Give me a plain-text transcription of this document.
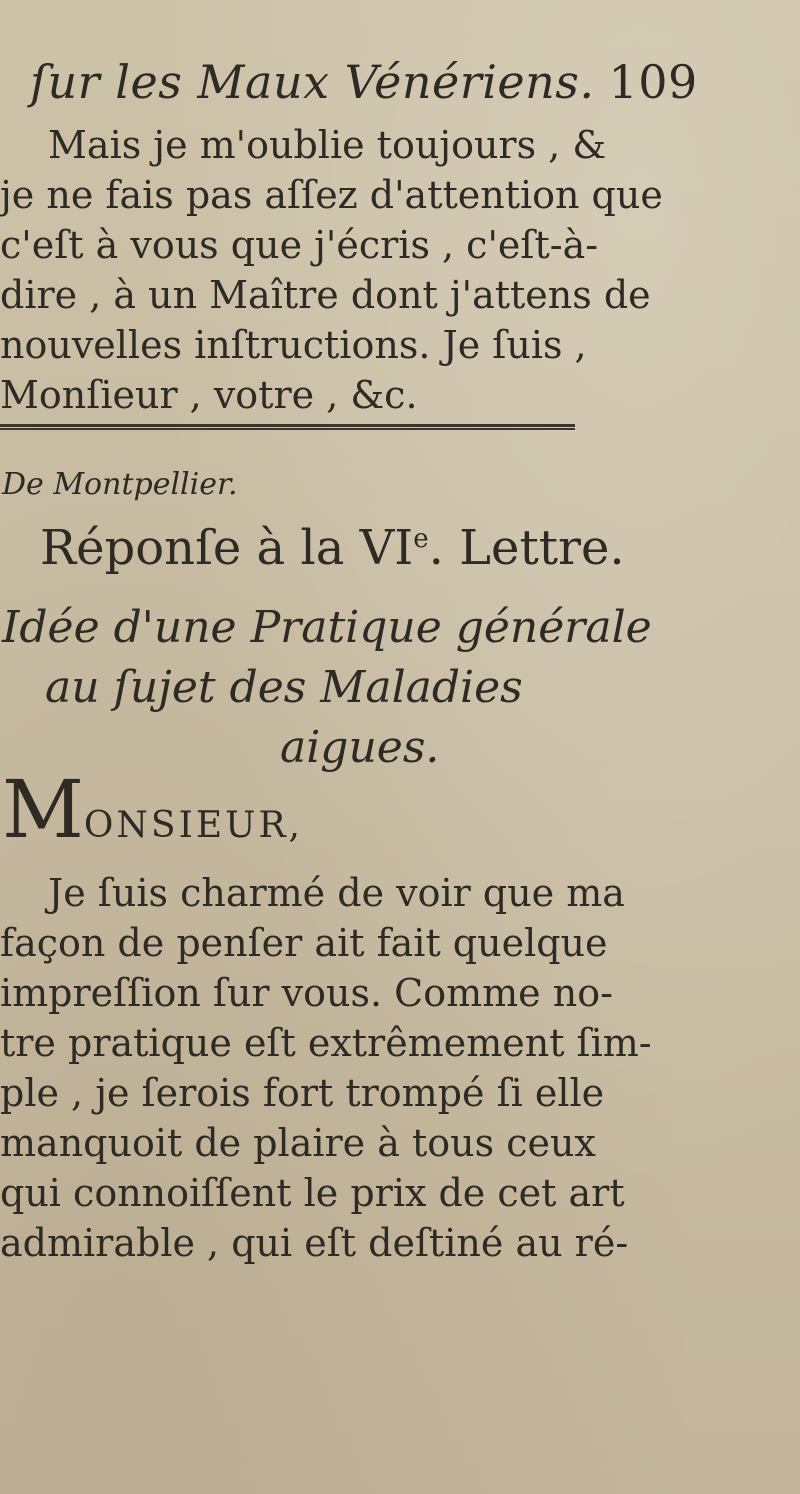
ſur les Maux Vénériens. 109
Mais je m'oublie toujours , &
je ne fais pas aſſez d'attention que
c'eſt à vous que j'écris , c'eſt-à-
dire , à un Maître dont j'attens de
nouvelles inſtructions. Je ſuis ,
Monſieur , votre , &c.
De Montpellier.
Réponſe à la VIe. Lettre.
Idée d'une Pratique générale
au ſujet des Maladies
aigues.
MONSIEUR,
Je ſuis charmé de voir que ma
façon de penſer ait fait quelque
impreſſion ſur vous. Comme no-
tre pratique eſt extrêmement ſim-
ple , je ſerois fort trompé ſi elle
manquoit de plaire à tous ceux
qui connoiſſent le prix de cet art
admirable , qui eſt deſtiné au ré-
